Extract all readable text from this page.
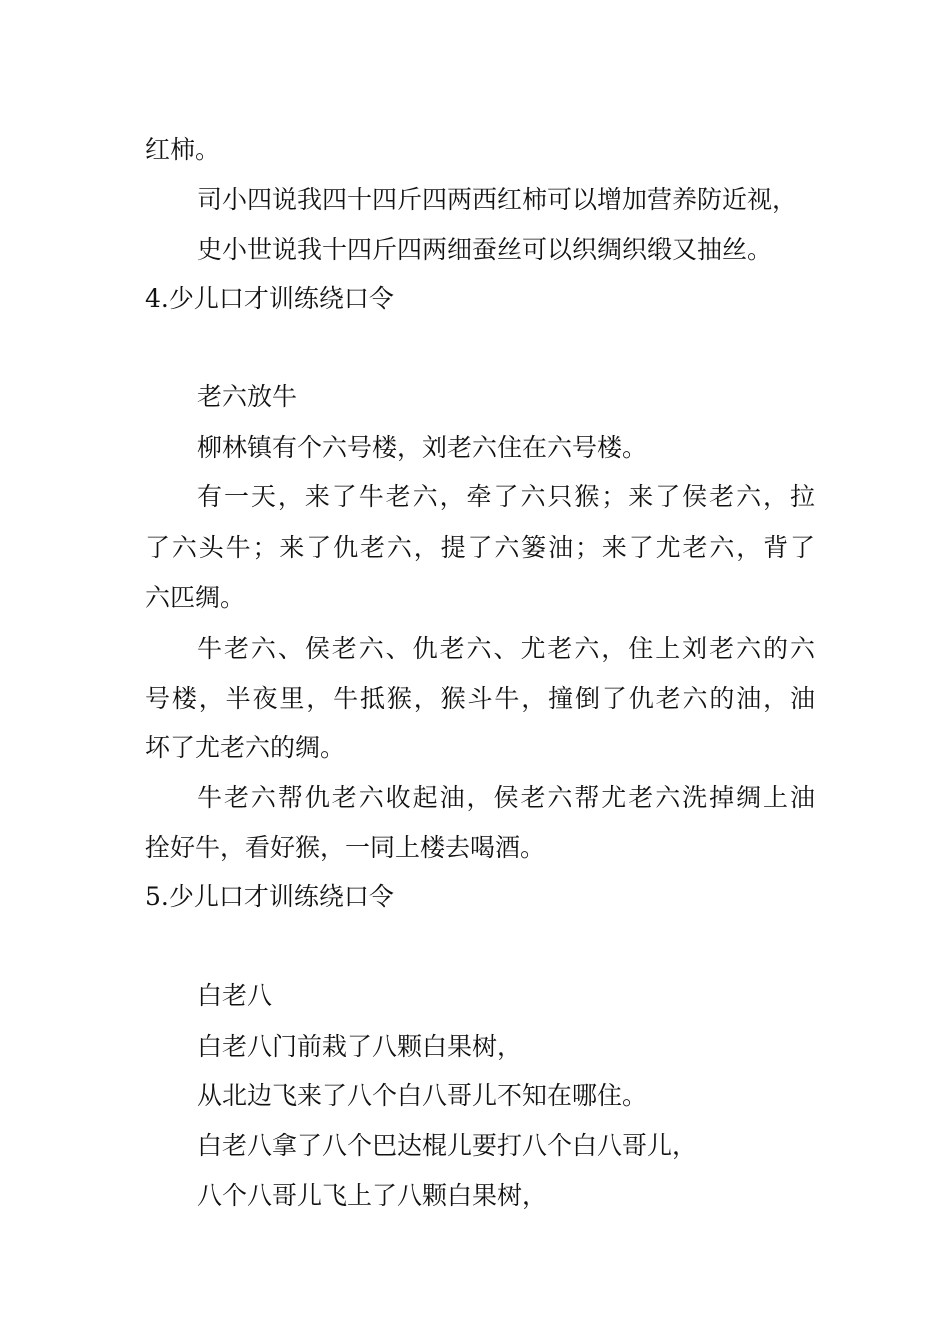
红柿。
司小四说我四十四斤四两西红柿可以增加营养防近视，
史小世说我十四斤四两细蚕丝可以织绸织缎又抽丝。
4.少儿口才训练绕口令
老六放牛
柳林镇有个六号楼，刘老六住在六号楼。
有一天，来了牛老六，牵了六只猴；来了侯老六，拉
了六头牛；来了仇老六，提了六篓油；来了尤老六，背了
六匹绸。
牛老六、侯老六、仇老六、尤老六，住上刘老六的六
号楼，半夜里，牛抵猴，猴斗牛，撞倒了仇老六的油，油
坏了尤老六的绸。
牛老六帮仇老六收起油，侯老六帮尤老六洗掉绸上油
拴好牛，看好猴，一同上楼去喝酒。
5.少儿口才训练绕口令
白老八
白老八门前栽了八颗白果树，
从北边飞来了八个白八哥儿不知在哪住。
白老八拿了八个巴达棍儿要打八个白八哥儿，
八个八哥儿飞上了八颗白果树，
